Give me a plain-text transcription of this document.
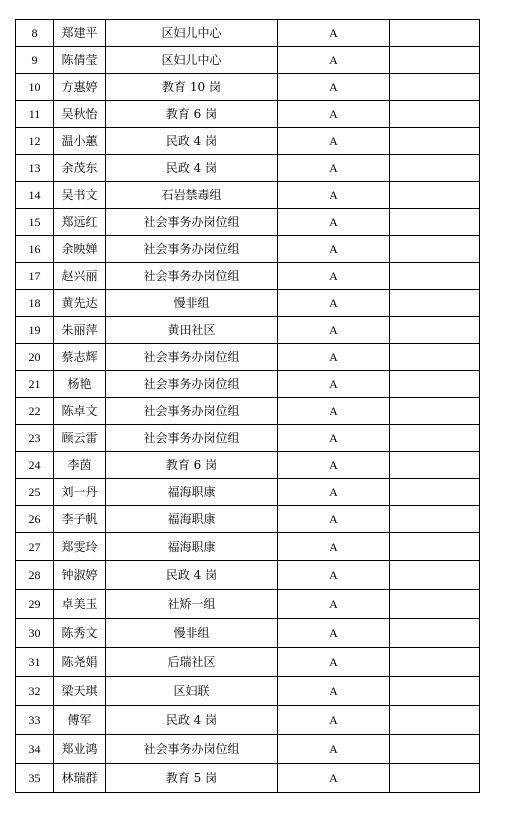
8	郑建平	区妇儿中心	A	
9	陈倩莹	区妇儿中心	A	
10	方惠婷	教育 10 岗	A	
11	吴秋怡	教育 6 岗	A	
12	温小蕙	民政 4 岗	A	
13	余茂东	民政 4 岗	A	
14	吴书文	石岩禁毒组	A	
15	郑远红	社会事务办岗位组	A	
16	余映婵	社会事务办岗位组	A	
17	赵兴丽	社会事务办岗位组	A	
18	黄先达	慢非组	A	
19	朱丽萍	黄田社区	A	
20	蔡志辉	社会事务办岗位组	A	
21	杨艳	社会事务办岗位组	A	
22	陈卓文	社会事务办岗位组	A	
23	顾云雷	社会事务办岗位组	A	
24	李茵	教育 6 岗	A	
25	刘一丹	福海职康	A	
26	李子帆	福海职康	A	
27	郑雯玲	福海职康	A	
28	钟淑婷	民政 4 岗	A	
29	卓美玉	社矫一组	A	
30	陈秀文	慢非组	A	
31	陈尧娟	后瑞社区	A	
32	梁天琪	区妇联	A	
33	傅军	民政 4 岗	A	
34	郑业鸿	社会事务办岗位组	A	
35	林瑞群	教育 5 岗	A	
